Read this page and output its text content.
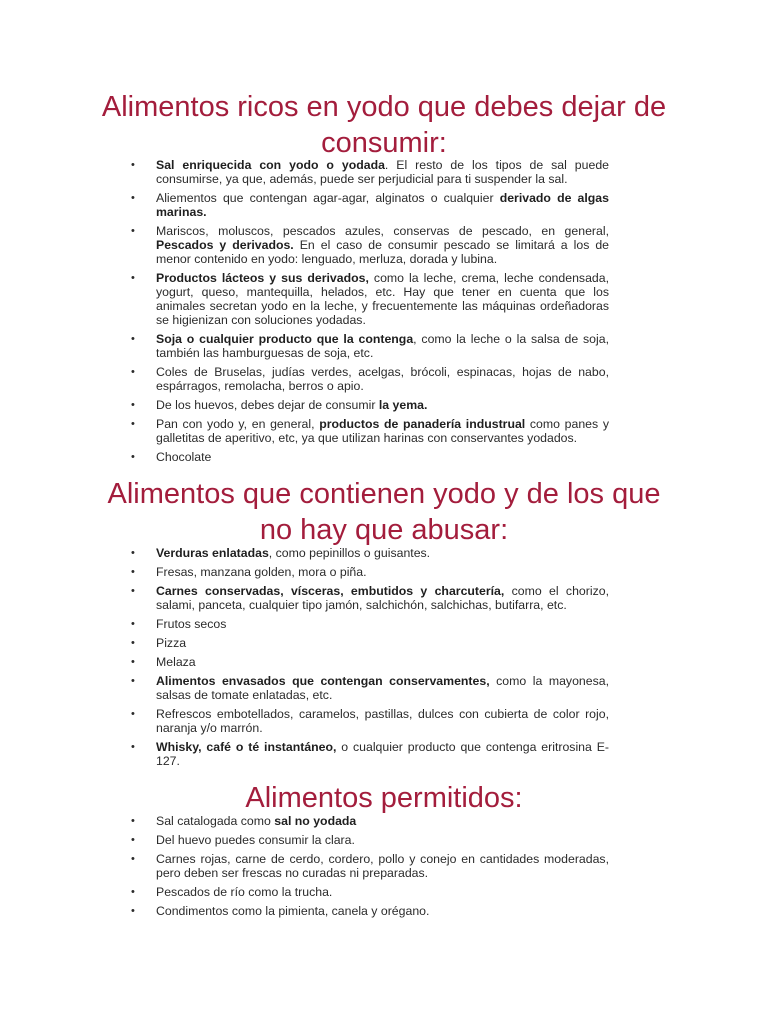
Alimentos ricos en yodo que debes dejar de consumir:
• Sal enriquecida con yodo o yodada. El resto de los tipos de sal puede consumirse, ya que, además, puede ser perjudicial para ti suspender la sal.
• Aliementos que contengan agar-agar, alginatos o cualquier derivado de algas marinas.
• Mariscos, moluscos, pescados azules, conservas de pescado, en general, Pescados y derivados. En el caso de consumir pescado se limitará a los de menor contenido en yodo: lenguado, merluza, dorada y lubina.
• Productos lácteos y sus derivados, como la leche, crema, leche condensada, yogurt, queso, mantequilla, helados, etc. Hay que tener en cuenta que los animales secretan yodo en la leche, y frecuentemente las máquinas ordeñadoras se higienizan con soluciones yodadas.
• Soja o cualquier producto que la contenga, como la leche o la salsa de soja, también las hamburguesas de soja, etc.
• Coles de Bruselas, judías verdes, acelgas, brócoli, espinacas, hojas de nabo, espárragos, remolacha, berros o apio.
• De los huevos, debes dejar de consumir la yema.
• Pan con yodo y, en general, productos de panadería industrual como panes y galletitas de aperitivo, etc, ya que utilizan harinas con conservantes yodados.
• Chocolate
Alimentos que contienen yodo y de los que no hay que abusar:
• Verduras enlatadas, como pepinillos o guisantes.
• Fresas, manzana golden, mora o piña.
• Carnes conservadas, vísceras, embutidos y charcutería, como el chorizo, salami, panceta, cualquier tipo jamón, salchichón, salchichas, butifarra, etc.
• Frutos secos
• Pizza
• Melaza
• Alimentos envasados que contengan conservamentes, como la mayonesa, salsas de tomate enlatadas, etc.
• Refrescos embotellados, caramelos, pastillas, dulces con cubierta de color rojo, naranja y/o marrón.
• Whisky, café o té instantáneo, o cualquier producto que contenga eritrosina E-127.
Alimentos permitidos:
• Sal catalogada como sal no yodada
• Del huevo puedes consumir la clara.
• Carnes rojas, carne de cerdo, cordero, pollo y conejo en cantidades moderadas, pero deben ser frescas no curadas ni preparadas.
• Pescados de río como la trucha.
• Condimentos como la pimienta, canela y orégano.
